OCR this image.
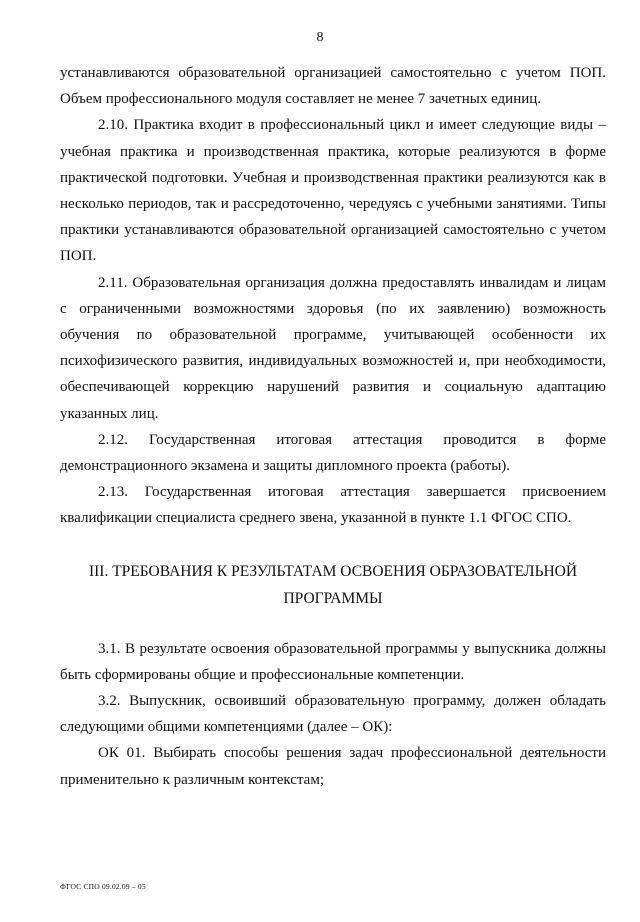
8

устанавливаются образовательной организацией самостоятельно с учетом ПОП.

Объем профессионального модуля составляет не менее 7 зачетных единиц.

2.10. Практика входит в профессиональный цикл и имеет следующие виды – учебная практика и производственная практика, которые реализуются в форме практической подготовки. Учебная и производственная практики реализуются как в несколько периодов, так и рассредоточенно, чередуясь с учебными занятиями. Типы практики устанавливаются образовательной организацией самостоятельно с учетом ПОП.

2.11. Образовательная организация должна предоставлять инвалидам и лицам с ограниченными возможностями здоровья (по их заявлению) возможность обучения по образовательной программе, учитывающей особенности их психофизического развития, индивидуальных возможностей и, при необходимости, обеспечивающей коррекцию нарушений развития и социальную адаптацию указанных лиц.

2.12. Государственная итоговая аттестация проводится в форме демонстрационного экзамена и защиты дипломного проекта (работы).

2.13. Государственная итоговая аттестация завершается присвоением квалификации специалиста среднего звена, указанной в пункте 1.1 ФГОС СПО.

III. ТРЕБОВАНИЯ К РЕЗУЛЬТАТАМ ОСВОЕНИЯ ОБРАЗОВАТЕЛЬНОЙ
ПРОГРАММЫ

3.1. В результате освоения образовательной программы у выпускника должны быть сформированы общие и профессиональные компетенции.

3.2. Выпускник, освоивший образовательную программу, должен обладать следующими общими компетенциями (далее – ОК):

ОК 01. Выбирать способы решения задач профессиональной деятельности применительно к различным контекстам;

ФГОС СПО 09.02.09 – 05
